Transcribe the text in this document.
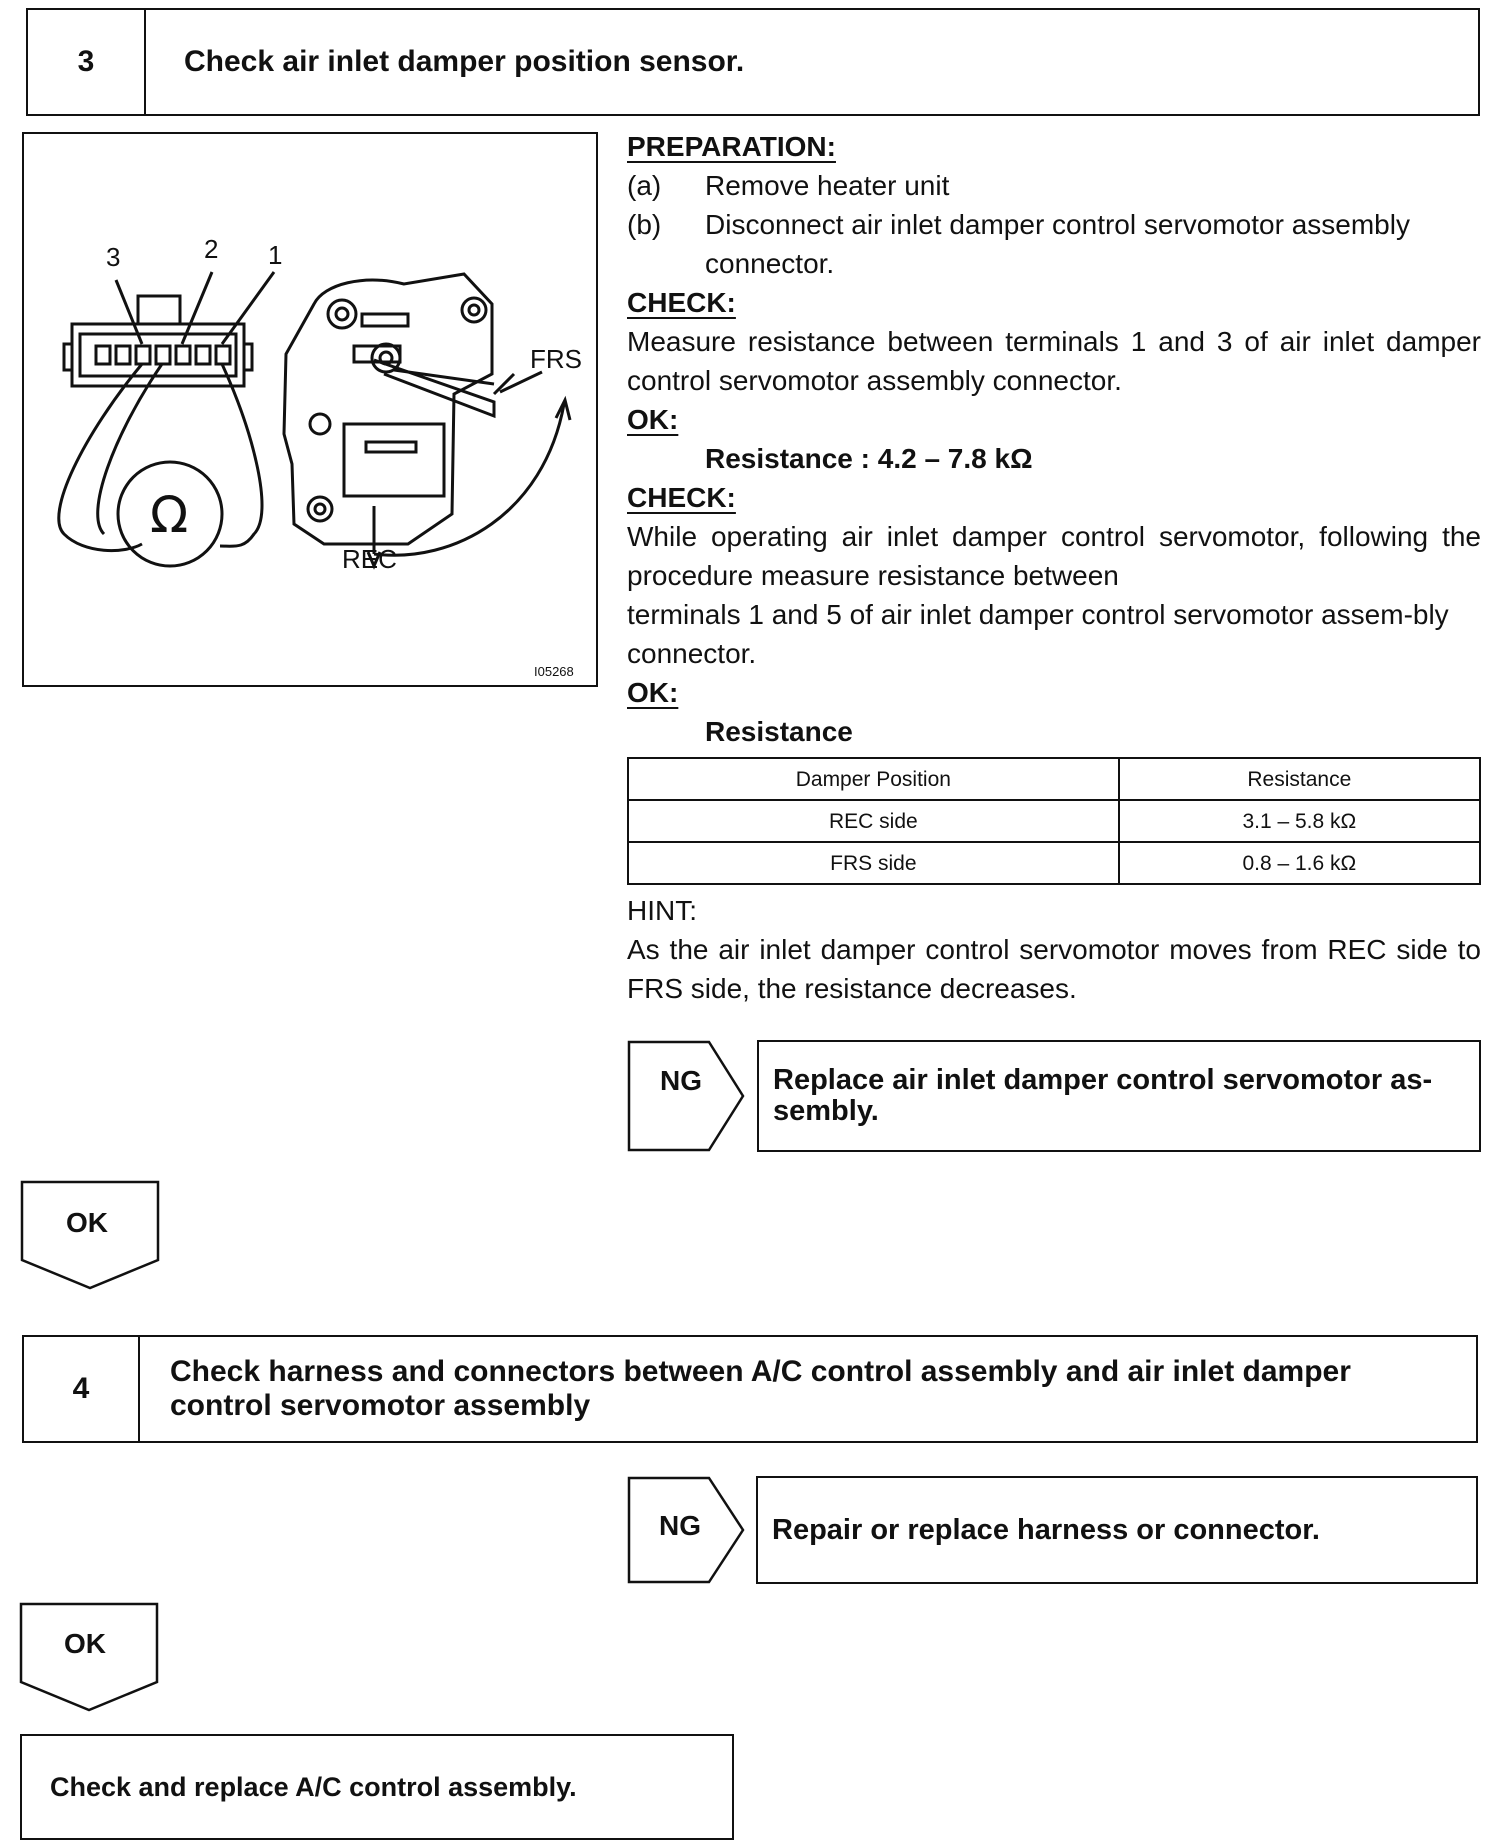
3	Check air inlet damper position sensor.
3	2 1
Ω
FRS
REC
I05268
PREPARATION:
(a)	Remove heater unit
(b)	Disconnect air inlet damper control servomotor assembly connector.
CHECK:
Measure resistance between terminals 1 and 3 of air inlet damper control servomotor assembly connector.
OK:
Resistance : 4.2 – 7.8 kΩ
CHECK:
While operating air inlet damper control servomotor, following the procedure measure resistance between
terminals 1 and 5 of air inlet damper control servomotor assem-bly connector.
OK:
Resistance
Damper Position	Resistance
REC side	3.1 – 5.8 kΩ
FRS side	0.8 – 1.6 kΩ
HINT:
As the air inlet damper control servomotor moves from REC side to FRS side, the resistance decreases.
NG	Replace air inlet damper control servomotor as-sembly.
OK
4
Check harness and connectors between A/C control assembly and air inlet damper control servomotor assembly
NG	Repair or replace harness or connector.
OK
Check and replace A/C control assembly.
